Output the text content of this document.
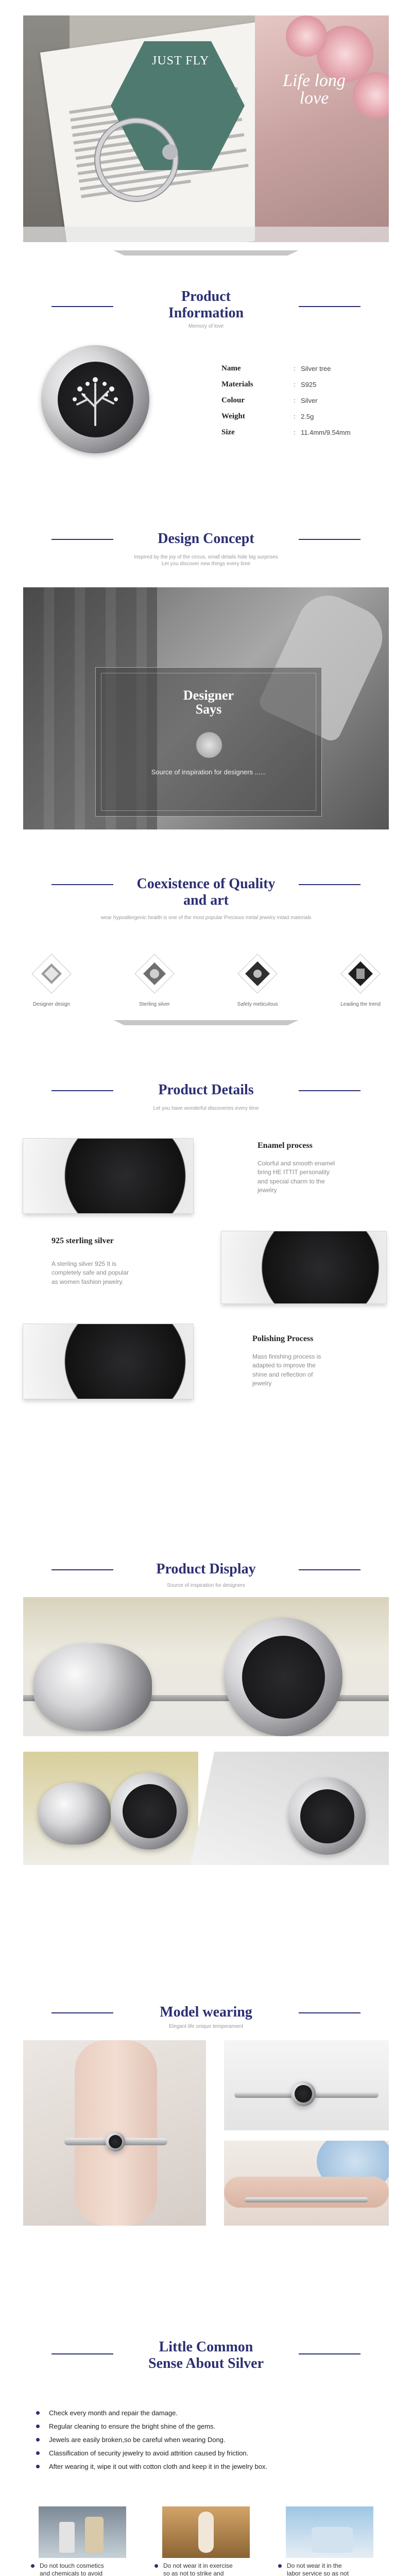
JUST FLY
Life long love
Product
Information
Memory of love
Name	: Silver tree
Materials	: S925
Colour	: Silver
Weight	: 2.5g
Size	: 11.4mm/9.54mm
Design Concept
Inspired by the joy of the circus, small details hide big surprises
Let you discover new things every time
Designer
Says
Source of inspiration for designers ......
Coexistence of Quality
and art
wear hypoallergenic health is one of the most popular Precious metal jewelry inlaid materials
Designer design	Sterling silver	Safety meticulous	Leading the trend
Product Details
Let you have wonderful discoveries every time
Enamel process
Colorful and smooth enamel
bring HE ITTIT personality
and special charm to the
jewelry
925 sterling silver
A sterling silver 925 It is
completely safe and popular
as women fashion jewelry.
Polishing Process
Mass finishing process is
adapted to improve the
shine and reflection of
jewelry
Product Display
Source of inspiration for designers
Model wearing
Elegant life unique temperament
Little Common
Sense About Silver
Check every month and repair the damage.
Regular cleaning to ensure the bright shine of the gems.
Jewels are easily broken,so be careful when wearing Dong.
Classification of security jewelry to avoid attrition caused by friction.
After wearing it, wipe it out with cotton cloth and keep it in the jewelry box.
Do not touch cosmetics
and chemicals to avoid
Do not wear it in exercise
so as not to strike and
Do not wear it in the
labor service so as not
